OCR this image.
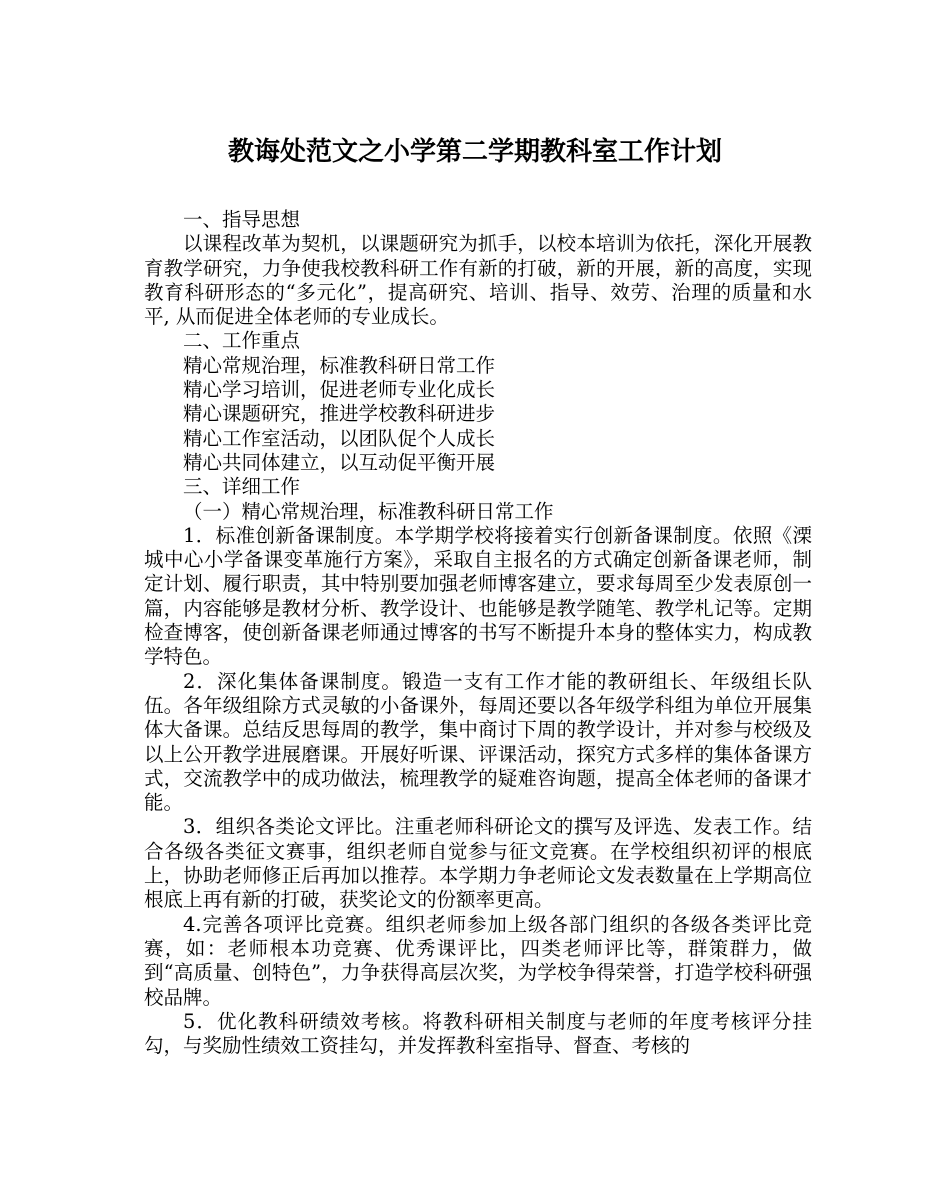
教诲处范文之小学第二学期教科室工作计划

一、指导思想

以课程改革为契机，以课题研究为抓手，以校本培训为依托，深化开展教育教学研究，力争使我校教科研工作有新的打破，新的开展，新的高度，实现教育科研形态的“多元化”，提高研究、培训、指导、效劳、治理的质量和水平, 从而促进全体老师的专业成长。

二、工作重点

精心常规治理，标准教科研日常工作

精心学习培训，促进老师专业化成长

精心课题研究，推进学校教科研进步

精心工作室活动，以团队促个人成长

精心共同体建立，以互动促平衡开展

三、详细工作

（一）精心常规治理，标准教科研日常工作

1．标准创新备课制度。本学期学校将接着实行创新备课制度。依照《溧城中心小学备课变革施行方案》，采取自主报名的方式确定创新备课老师，制定计划、履行职责，其中特别要加强老师博客建立，要求每周至少发表原创一篇，内容能够是教材分析、教学设计、也能够是教学随笔、教学札记等。定期检查博客，使创新备课老师通过博客的书写不断提升本身的整体实力，构成教学特色。

2．深化集体备课制度。锻造一支有工作才能的教研组长、年级组长队伍。各年级组除方式灵敏的小备课外，每周还要以各年级学科组为单位开展集体大备课。总结反思每周的教学，集中商讨下周的教学设计，并对参与校级及以上公开教学进展磨课。开展好听课、评课活动，探究方式多样的集体备课方式，交流教学中的成功做法，梳理教学的疑难咨询题，提高全体老师的备课才能。

3．组织各类论文评比。注重老师科研论文的撰写及评选、发表工作。结合各级各类征文赛事，组织老师自觉参与征文竞赛。在学校组织初评的根底上，协助老师修正后再加以推荐。本学期力争老师论文发表数量在上学期高位根底上再有新的打破，获奖论文的份额率更高。

4.完善各项评比竞赛。组织老师参加上级各部门组织的各级各类评比竞赛，如：老师根本功竞赛、优秀课评比，四类老师评比等，群策群力，做到“高质量、创特色”，力争获得高层次奖，为学校争得荣誉，打造学校科研强校品牌。

5．优化教科研绩效考核。将教科研相关制度与老师的年度考核评分挂勾，与奖励性绩效工资挂勾，并发挥教科室指导、督查、考核的
